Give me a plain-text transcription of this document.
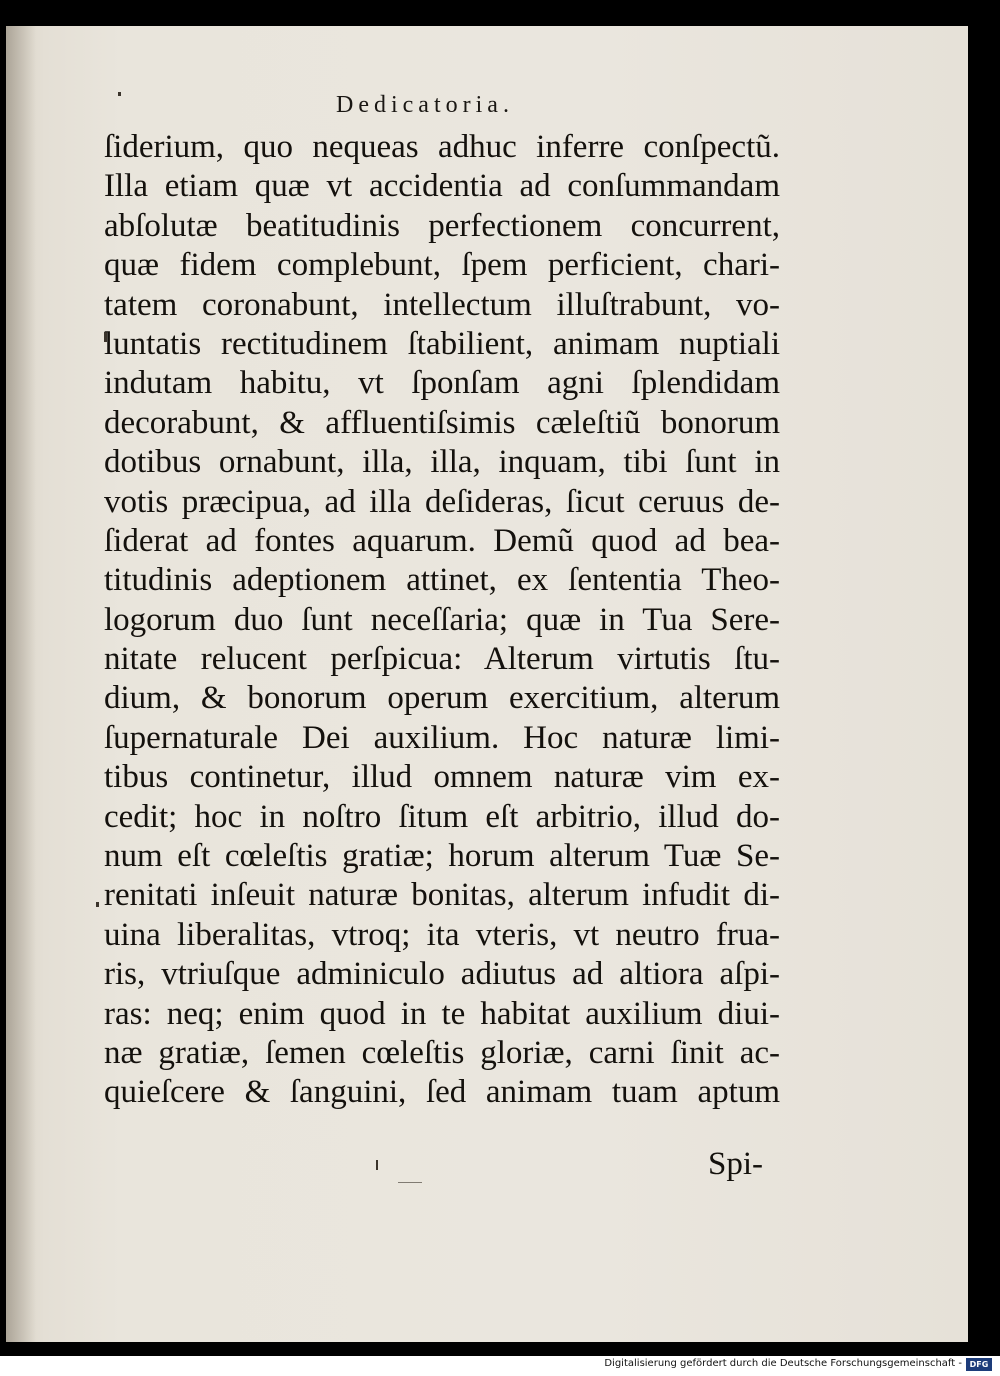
Dedicatoria.
ſiderium, quo nequeas adhuc inferre conſpectũ.
Illa etiam quæ vt accidentia ad conſummandam
abſolutæ beatitudinis perfectionem concurrent,
quæ fidem complebunt, ſpem perficient, chari-
tatem coronabunt, intellectum illuſtrabunt, vo-
luntatis rectitudinem ſtabilient, animam nuptiali
indutam habitu, vt ſponſam agni ſplendidam
decorabunt, & affluentiſsimis cæleſtiũ bonorum
dotibus ornabunt, illa, illa, inquam, tibi ſunt in
votis præcipua, ad illa deſideras, ſicut ceruus de-
ſiderat ad fontes aquarum. Demũ quod ad bea-
titudinis adeptionem attinet, ex ſententia Theo-
logorum duo ſunt neceſſaria; quæ in Tua Sere-
nitate relucent perſpicua: Alterum virtutis ſtu-
dium, & bonorum operum exercitium, alterum
ſupernaturale Dei auxilium. Hoc naturæ limi-
tibus continetur, illud omnem naturæ vim ex-
cedit; hoc in noſtro ſitum eſt arbitrio, illud do-
num eſt cœleſtis gratiæ; horum alterum Tuæ Se-
renitati inſeuit naturæ bonitas, alterum infudit di-
uina liberalitas, vtroq; ita vteris, vt neutro frua-
ris, vtriuſque adminiculo adiutus ad altiora aſpi-
ras: neq; enim quod in te habitat auxilium diui-
næ gratiæ, ſemen cœleſtis gloriæ, carni ſinit ac-
quieſcere & ſanguini, ſed animam tuam aptum
Spi-
Digitalisierung gefördert durch die Deutsche Forschungsgemeinschaft - DFG
